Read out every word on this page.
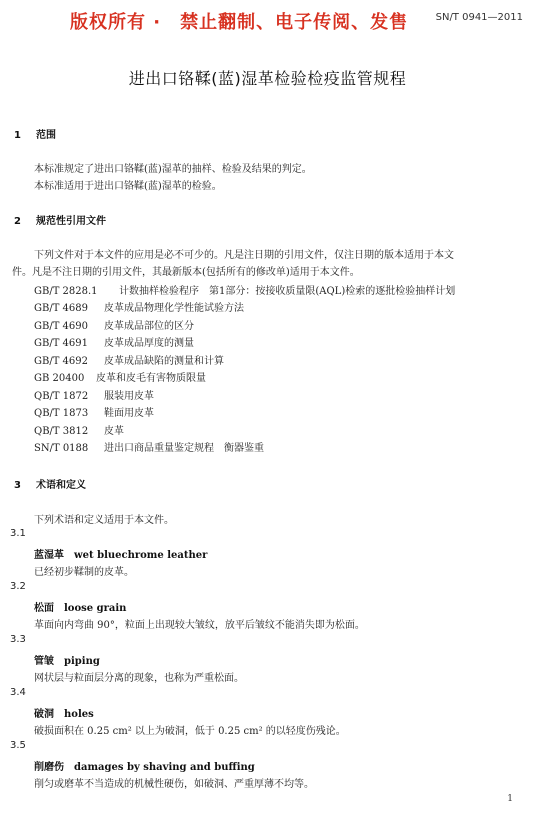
版权所有 ·　禁止翻制、电子传阅、发售	SN/T 0941—2011
进出口铬鞣(蓝)湿革检验检疫监管规程
1 范围
本标准规定了进出口铬鞣(蓝)湿革的抽样、检验及结果的判定。
本标准适用于进出口铬鞣(蓝)湿革的检验。
2 规范性引用文件
下列文件对于本文件的应用是必不可少的。凡是注日期的引用文件，仅注日期的版本适用于本文
件。凡是不注日期的引用文件，其最新版本(包括所有的修改单)适用于本文件。
GB/T 2828.1 计数抽样检验程序　第1部分：按接收质量限(AQL)检索的逐批检验抽样计划
GB/T 4689 皮革成品物理化学性能试验方法
GB/T 4690 皮革成品部位的区分
GB/T 4691 皮革成品厚度的测量
GB/T 4692 皮革成品缺陷的测量和计算
GB 20400 皮革和皮毛有害物质限量
QB/T 1872 服装用皮革
QB/T 1873 鞋面用皮革
QB/T 3812 皮革
SN/T 0188 进出口商品重量鉴定规程　衡器鉴重
3 术语和定义
下列术语和定义适用于本文件。
3.1
蓝湿革 wet bluechrome leather
已经初步鞣制的皮革。
3.2
松面 loose grain
革面向内弯曲 90°，粒面上出现较大皱纹，放平后皱纹不能消失即为松面。
3.3
管皱 piping
网状层与粒面层分离的现象，也称为严重松面。
3.4
破洞 holes
破损面积在 0.25 cm² 以上为破洞，低于 0.25 cm² 的以轻度伤残论。
3.5
削磨伤 damages by shaving and buffing
削匀或磨革不当造成的机械性硬伤，如破洞、严重厚薄不均等。
1
